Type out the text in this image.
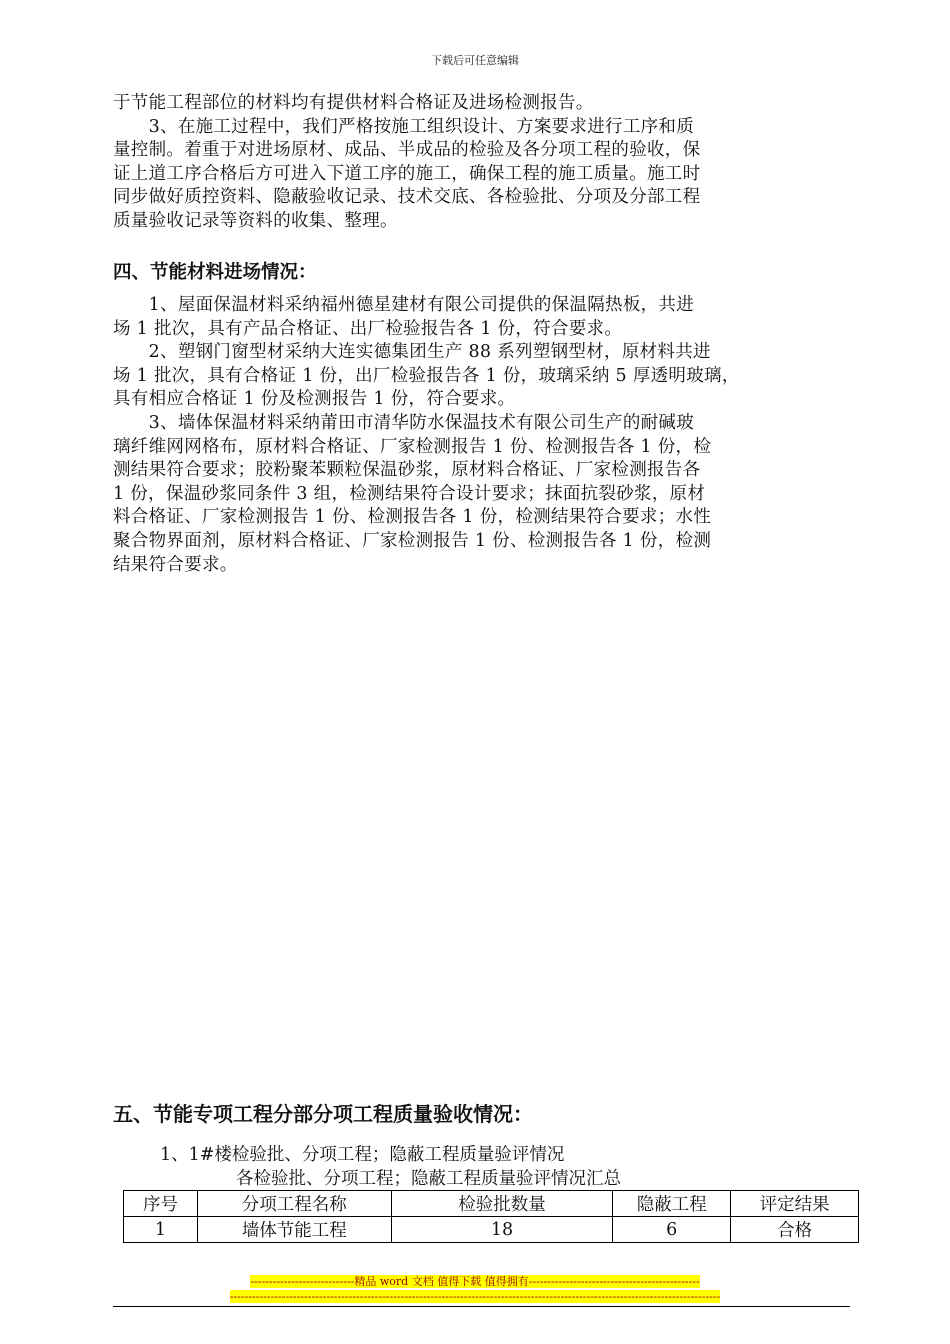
下载后可任意编辑
于节能工程部位的材料均有提供材料合格证及进场检测报告。
　　3、在施工过程中，我们严格按施工组织设计、方案要求进行工序和质
量控制。着重于对进场原材、成品、半成品的检验及各分项工程的验收，保
证上道工序合格后方可进入下道工序的施工，确保工程的施工质量。施工时
同步做好质控资料、隐蔽验收记录、技术交底、各检验批、分项及分部工程
质量验收记录等资料的收集、整理。
四、节能材料进场情况：
　　1、屋面保温材料采纳福州德星建材有限公司提供的保温隔热板，共进
场 1 批次，具有产品合格证、出厂检验报告各 1 份，符合要求。
　　2、塑钢门窗型材采纳大连实德集团生产 88 系列塑钢型材，原材料共进
场 1 批次，具有合格证 1 份，出厂检验报告各 1 份，玻璃采纳 5 厚透明玻璃，
具有相应合格证 1 份及检测报告 1 份，符合要求。
　　3、墙体保温材料采纳莆田市清华防水保温技术有限公司生产的耐碱玻
璃纤维网网格布，原材料合格证、厂家检测报告 1 份、检测报告各 1 份，检
测结果符合要求；胶粉聚苯颗粒保温砂浆，原材料合格证、厂家检测报告各
1 份，保温砂浆同条件 3 组，检测结果符合设计要求；抹面抗裂砂浆，原材
料合格证、厂家检测报告 1 份、检测报告各 1 份，检测结果符合要求；水性
聚合物界面剂，原材料合格证、厂家检测报告 1 份、检测报告各 1 份，检测
结果符合要求。
五、节能专项工程分部分项工程质量验收情况：
1、1#楼检验批、分项工程；隐蔽工程质量验评情况
各检验批、分项工程；隐蔽工程质量验评情况汇总
序号	分项工程名称	检验批数量	隐蔽工程	评定结果
1	墙体节能工程	18	6	合格
----------------------------精品 word 文档 值得下载 值得拥有----------------------------------------------
------------------------------------------------------------------------------------------------------------------------------------
